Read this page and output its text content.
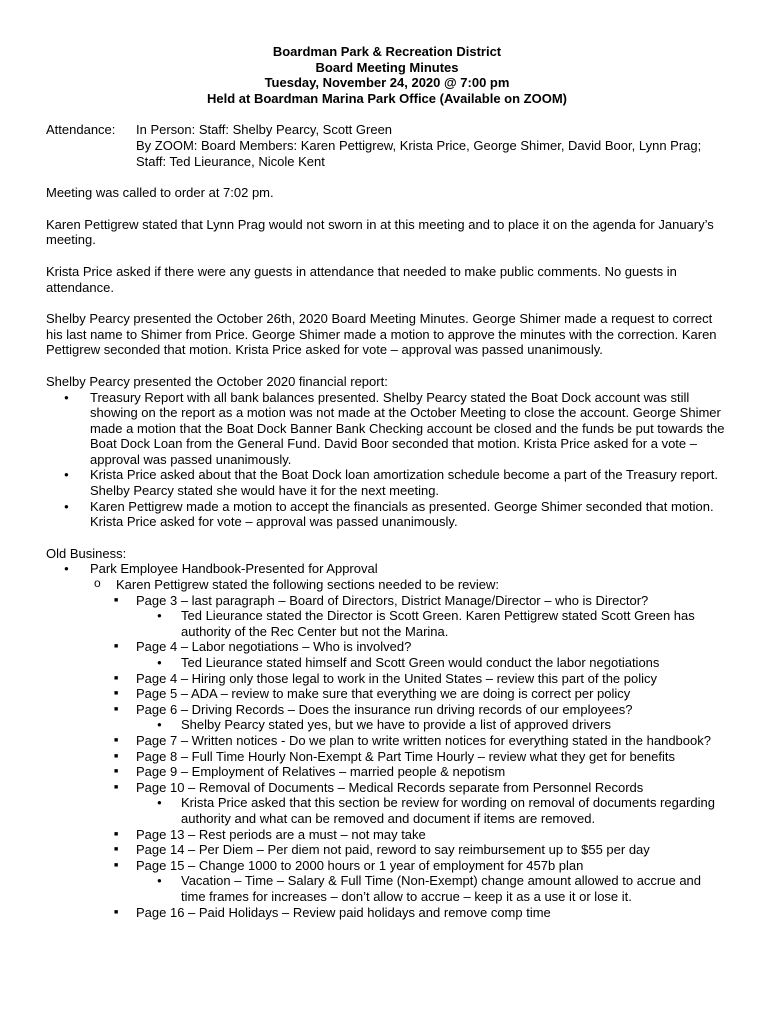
Boardman Park & Recreation District
Board Meeting Minutes
Tuesday, November 24, 2020 @ 7:00 pm
Held at Boardman Marina Park Office (Available on ZOOM)
Attendance:	In Person: Staff: Shelby Pearcy, Scott Green
By ZOOM: Board Members: Karen Pettigrew, Krista Price, George Shimer, David Boor, Lynn Prag;
Staff: Ted Lieurance, Nicole Kent

Meeting was called to order at 7:02 pm.

Karen Pettigrew stated that Lynn Prag would not sworn in at this meeting and to place it on the agenda for January’s meeting.

Krista Price asked if there were any guests in attendance that needed to make public comments. No guests in attendance.

Shelby Pearcy presented the October 26th, 2020 Board Meeting Minutes. George Shimer made a request to correct his last name to Shimer from Price. George Shimer made a motion to approve the minutes with the correction. Karen Pettigrew seconded that motion. Krista Price asked for vote – approval was passed unanimously.

Shelby Pearcy presented the October 2020 financial report:

● Treasury Report with all bank balances presented. Shelby Pearcy stated the Boat Dock account was still showing on the report as a motion was not made at the October Meeting to close the account. George Shimer made a motion that the Boat Dock Banner Bank Checking account be closed and the funds be put towards the Boat Dock Loan from the General Fund. David Boor seconded that motion. Krista Price asked for a vote – approval was passed unanimously.
● Krista Price asked about that the Boat Dock loan amortization schedule become a part of the Treasury report. Shelby Pearcy stated she would have it for the next meeting.
● Karen Pettigrew made a motion to accept the financials as presented. George Shimer seconded that motion. Krista Price asked for vote – approval was passed unanimously.

Old Business:

● Park Employee Handbook-Presented for Approval
o Karen Pettigrew stated the following sections needed to be review:
■ Page 3 – last paragraph – Board of Directors, District Manage/Director – who is Director?
● Ted Lieurance stated the Director is Scott Green. Karen Pettigrew stated Scott Green has authority of the Rec Center but not the Marina.
■ Page 4 – Labor negotiations – Who is involved?
● Ted Lieurance stated himself and Scott Green would conduct the labor negotiations
■ Page 4 – Hiring only those legal to work in the United States – review this part of the policy
■ Page 5 – ADA – review to make sure that everything we are doing is correct per policy
■ Page 6 – Driving Records – Does the insurance run driving records of our employees?
● Shelby Pearcy stated yes, but we have to provide a list of approved drivers
■ Page 7 – Written notices - Do we plan to write written notices for everything stated in the handbook?
■ Page 8 – Full Time Hourly Non-Exempt & Part Time Hourly – review what they get for benefits
■ Page 9 – Employment of Relatives – married people & nepotism
■ Page 10 – Removal of Documents – Medical Records separate from Personnel Records
● Krista Price asked that this section be review for wording on removal of documents regarding authority and what can be removed and document if items are removed.
■ Page 13 – Rest periods are a must – not may take
■ Page 14 – Per Diem – Per diem not paid, reword to say reimbursement up to $55 per day
■ Page 15 – Change 1000 to 2000 hours or 1 year of employment for 457b plan
● Vacation – Time – Salary & Full Time (Non-Exempt) change amount allowed to accrue and time frames for increases – don’t allow to accrue – keep it as a use it or lose it.
■ Page 16 – Paid Holidays – Review paid holidays and remove comp time
